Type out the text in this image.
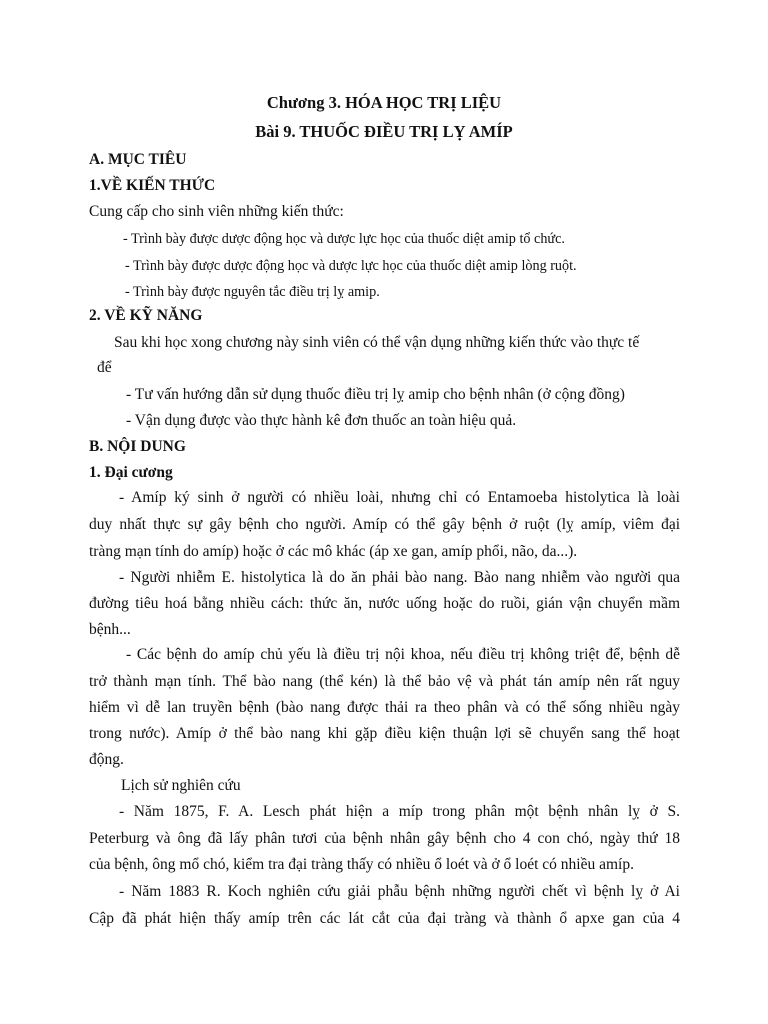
Chương 3. HÓA HỌC TRỊ LIỆU
Bài 9. THUỐC ĐIỀU TRỊ LỴ AMÍP
A. MỤC TIÊU
1.VỀ KIẾN THỨC
Cung cấp cho sinh viên những kiến thức:
- Trình bày được dược động học và dược lực học của thuốc diệt amip tổ chức.
- Trình bày được dược động học và dược lực học của thuốc diệt amip lòng ruột.
- Trình bày được nguyên tắc điều trị lỵ amip.
2. VỀ KỸ NĂNG
Sau khi học xong chương này sinh viên có thể vận dụng những kiến thức vào thực tế
để
- Tư vấn hướng dẫn sử dụng thuốc điều trị lỵ amip cho bệnh nhân (ở cộng đồng)
- Vận dụng được vào thực hành kê đơn thuốc an toàn hiệu quả.
B. NỘI DUNG
1. Đại cương
- Amíp ký sinh ở người có nhiều loài, nhưng chỉ có Entamoeba histolytica là loài
duy nhất thực sự gây bệnh cho người. Amíp có thể gây bệnh ở ruột (lỵ amíp, viêm đại
tràng mạn tính do amíp) hoặc ở các mô khác (áp xe gan, amíp phổi, não, da...).
- Người nhiễm E. histolytica là do ăn phải bào nang. Bào nang nhiễm vào người qua
đường tiêu hoá bằng nhiều cách: thức ăn, nước uống hoặc do ruồi, gián vận chuyển mầm
bệnh...
- Các bệnh do amíp chủ yếu là điều trị nội khoa, nếu điều trị không triệt để, bệnh dễ
trở thành mạn tính. Thể bào nang (thể kén) là thể bảo vệ và phát tán amíp nên rất nguy
hiểm vì dễ lan truyền bệnh (bào nang được thải ra theo phân và có thể sống nhiều ngày
trong nước). Amíp ở thể bào nang khi gặp điều kiện thuận lợi sẽ chuyển sang thể hoạt
động.
Lịch sử nghiên cứu
- Năm 1875, F. A. Lesch phát hiện a míp trong phân một bệnh nhân lỵ ở S.
Peterburg và ông đã lấy phân tươi của bệnh nhân gây bệnh cho 4 con chó, ngày thứ 18
của bệnh, ông mổ chó, kiểm tra đại tràng thấy có nhiều ổ loét và ở ổ loét có nhiều amíp.
- Năm 1883 R. Koch nghiên cứu giải phẫu bệnh những người chết vì bệnh lỵ ở Ai
Cập đã phát hiện thấy amíp trên các lát cắt của đại tràng và thành ổ apxe gan của 4
